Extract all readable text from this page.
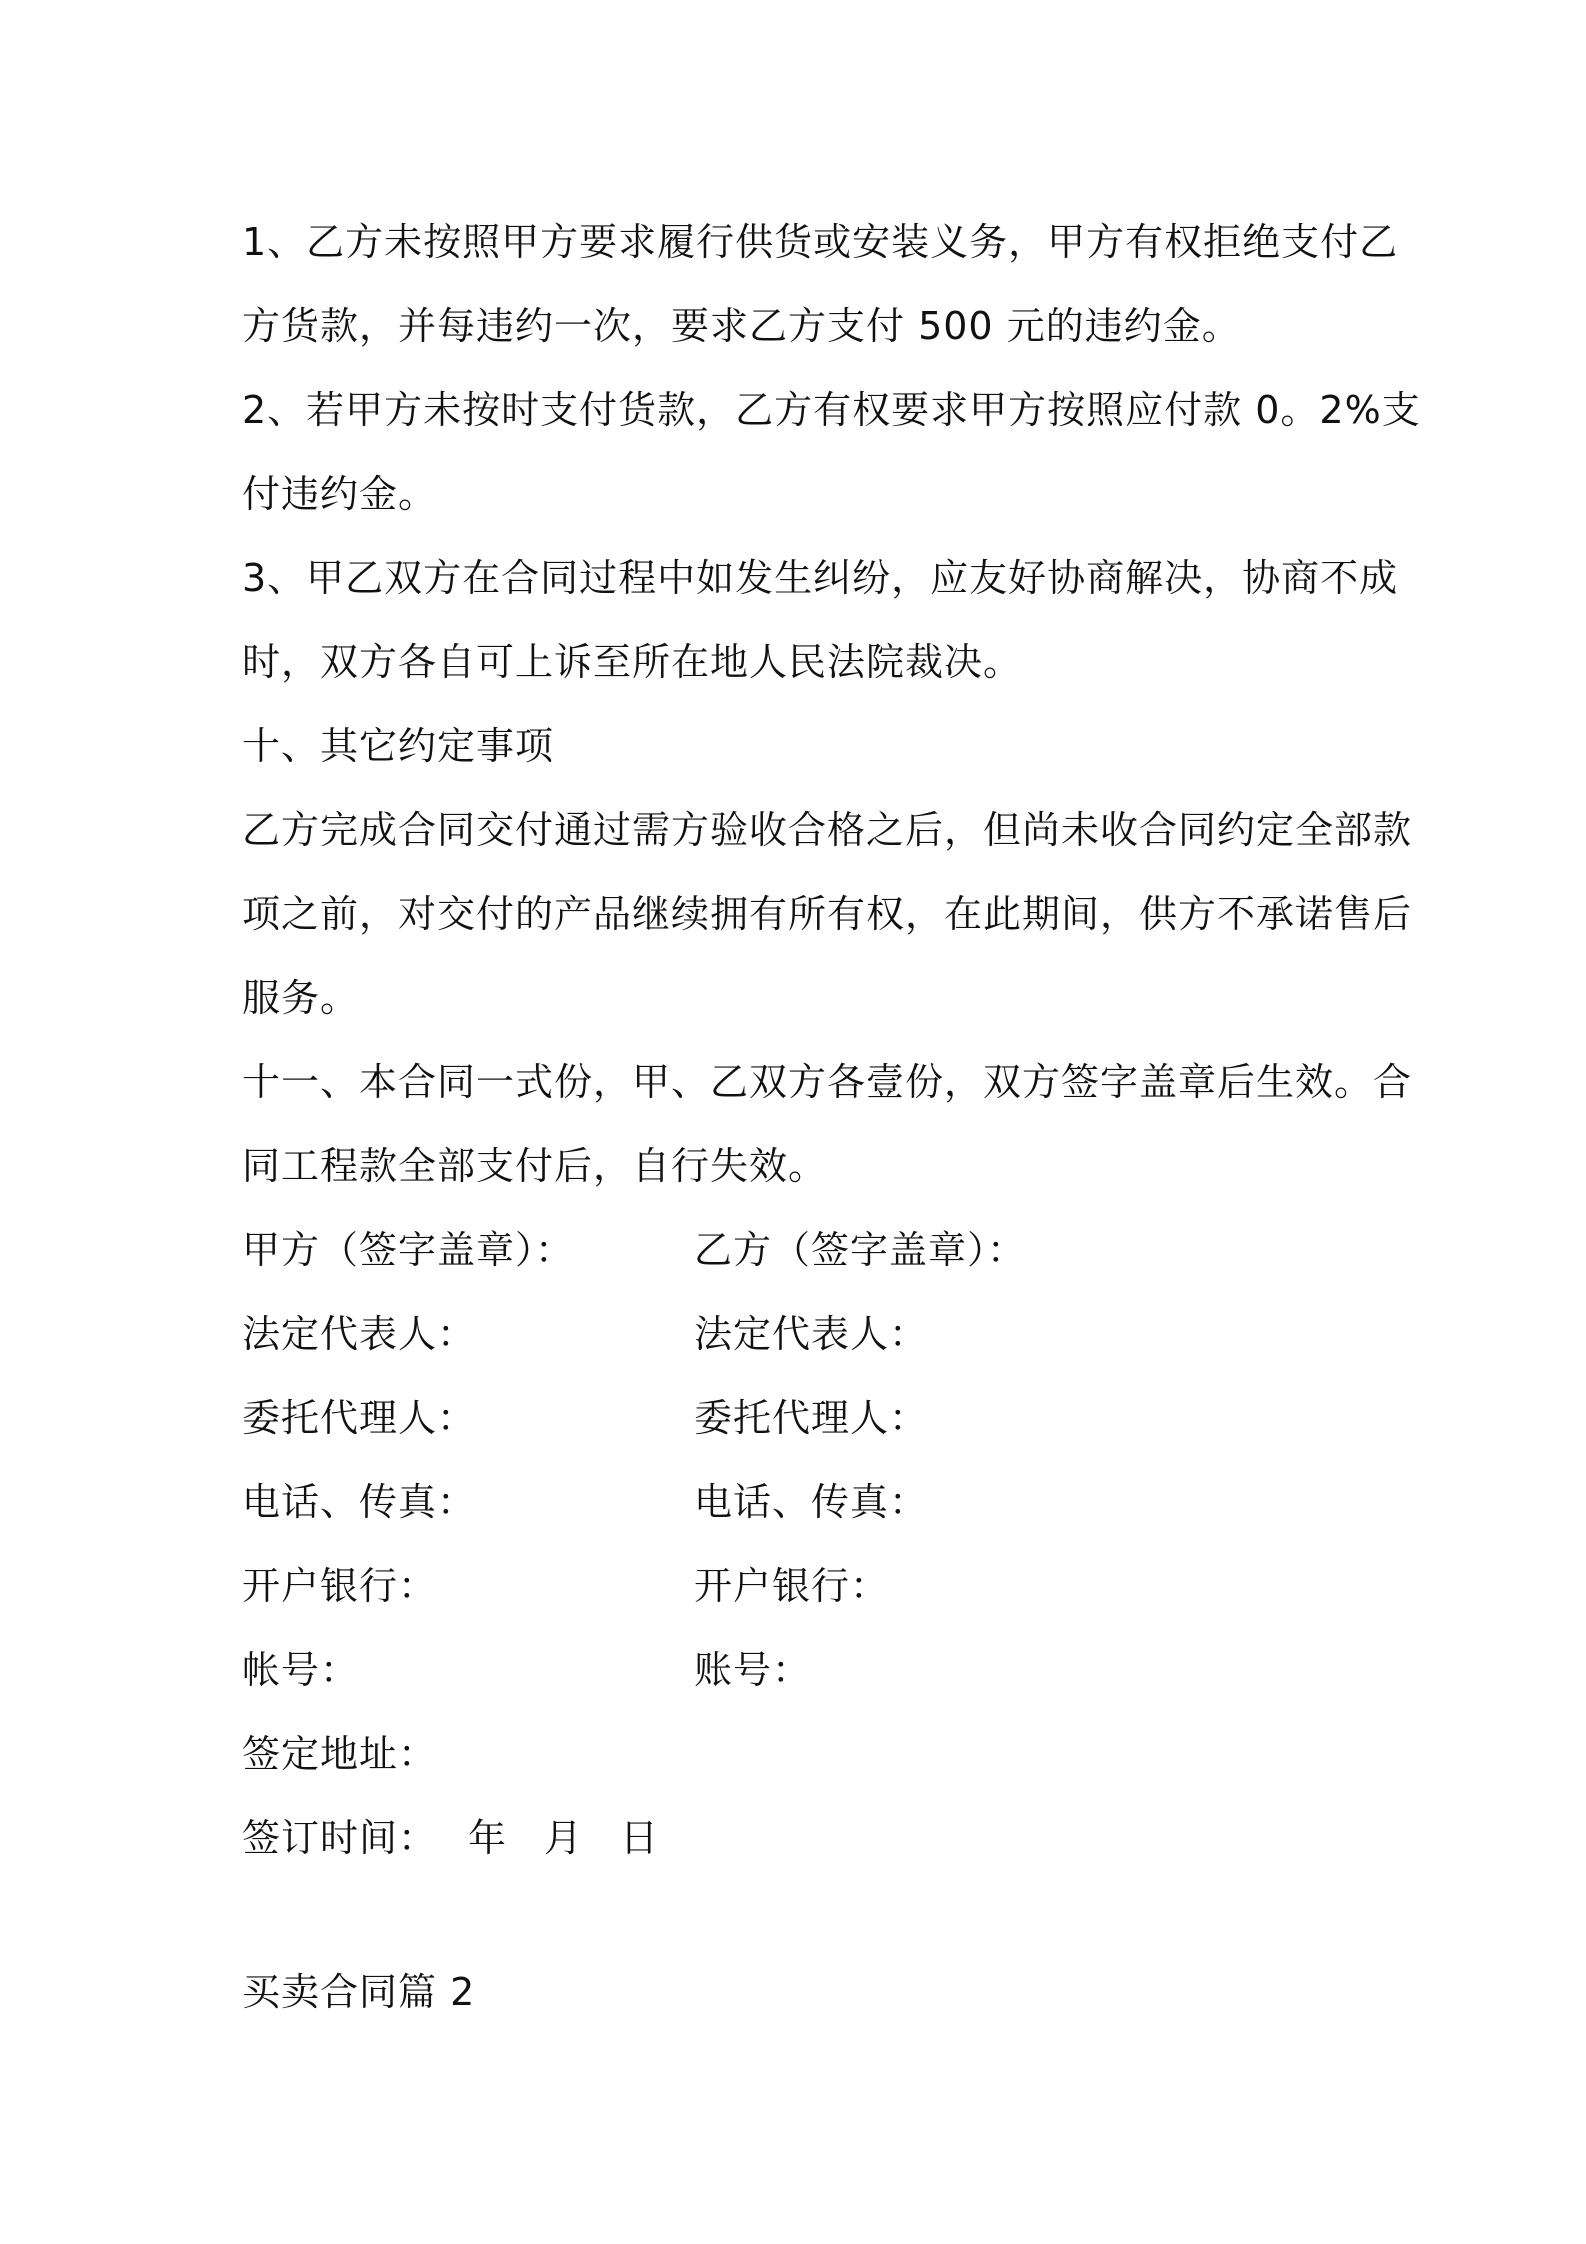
1、乙方未按照甲方要求履行供货或安装义务，甲方有权拒绝支付乙
方货款，并每违约一次，要求乙方支付 500 元的违约金。
2、若甲方未按时支付货款，乙方有权要求甲方按照应付款 0。2%支
付违约金。
3、甲乙双方在合同过程中如发生纠纷，应友好协商解决，协商不成
时，双方各自可上诉至所在地人民法院裁决。
十、其它约定事项
乙方完成合同交付通过需方验收合格之后，但尚未收合同约定全部款
项之前，对交付的产品继续拥有所有权，在此期间，供方不承诺售后
服务。
十一、本合同一式份，甲、乙双方各壹份，双方签字盖章后生效。合
同工程款全部支付后，自行失效。
甲方（签字盖章）：	乙方（签字盖章）：
法定代表人：	法定代表人：
委托代理人：	委托代理人：
电话、传真：	电话、传真：
开户银行：	开户银行：
帐号：	账号：
签定地址：
签订时间： 年 月 日
买卖合同篇 2
